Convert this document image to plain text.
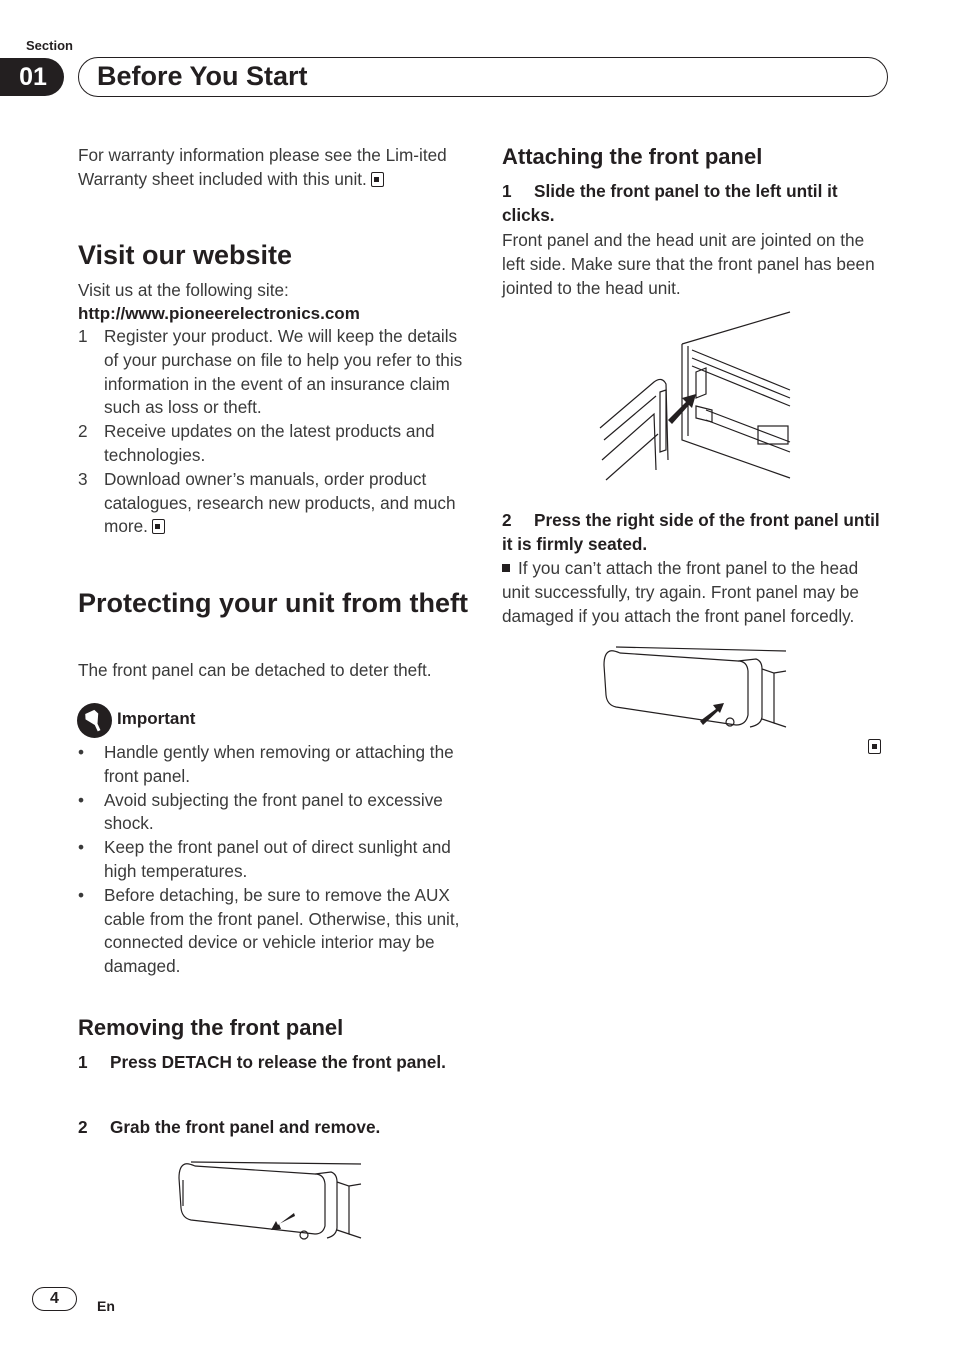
Section
01	Before You Start
For warranty information please see the Lim-ited Warranty sheet included with this unit.
Visit our website
Visit us at the following site:
http://www.pioneerelectronics.com
1 Register your product. We will keep the details of your purchase on file to help you refer to this information in the event of an insurance claim such as loss or theft.
2 Receive updates on the latest products and technologies.
3 Download owner’s manuals, order product catalogues, research new products, and much more.
Protecting your unit from theft
The front panel can be detached to deter theft.
Important
• Handle gently when removing or attaching the front panel.
• Avoid subjecting the front panel to excessive shock.
• Keep the front panel out of direct sunlight and high temperatures.
• Before detaching, be sure to remove the AUX cable from the front panel. Otherwise, this unit, connected device or vehicle interior may be damaged.
Removing the front panel
1 Press DETACH to release the front panel.
2 Grab the front panel and remove.
Attaching the front panel
1 Slide the front panel to the left until it clicks.
Front panel and the head unit are jointed on the left side. Make sure that the front panel has been jointed to the head unit.
2 Press the right side of the front panel until it is firmly seated.
If you can’t attach the front panel to the head unit successfully, try again. Front panel may be damaged if you attach the front panel forcedly.
4	En
